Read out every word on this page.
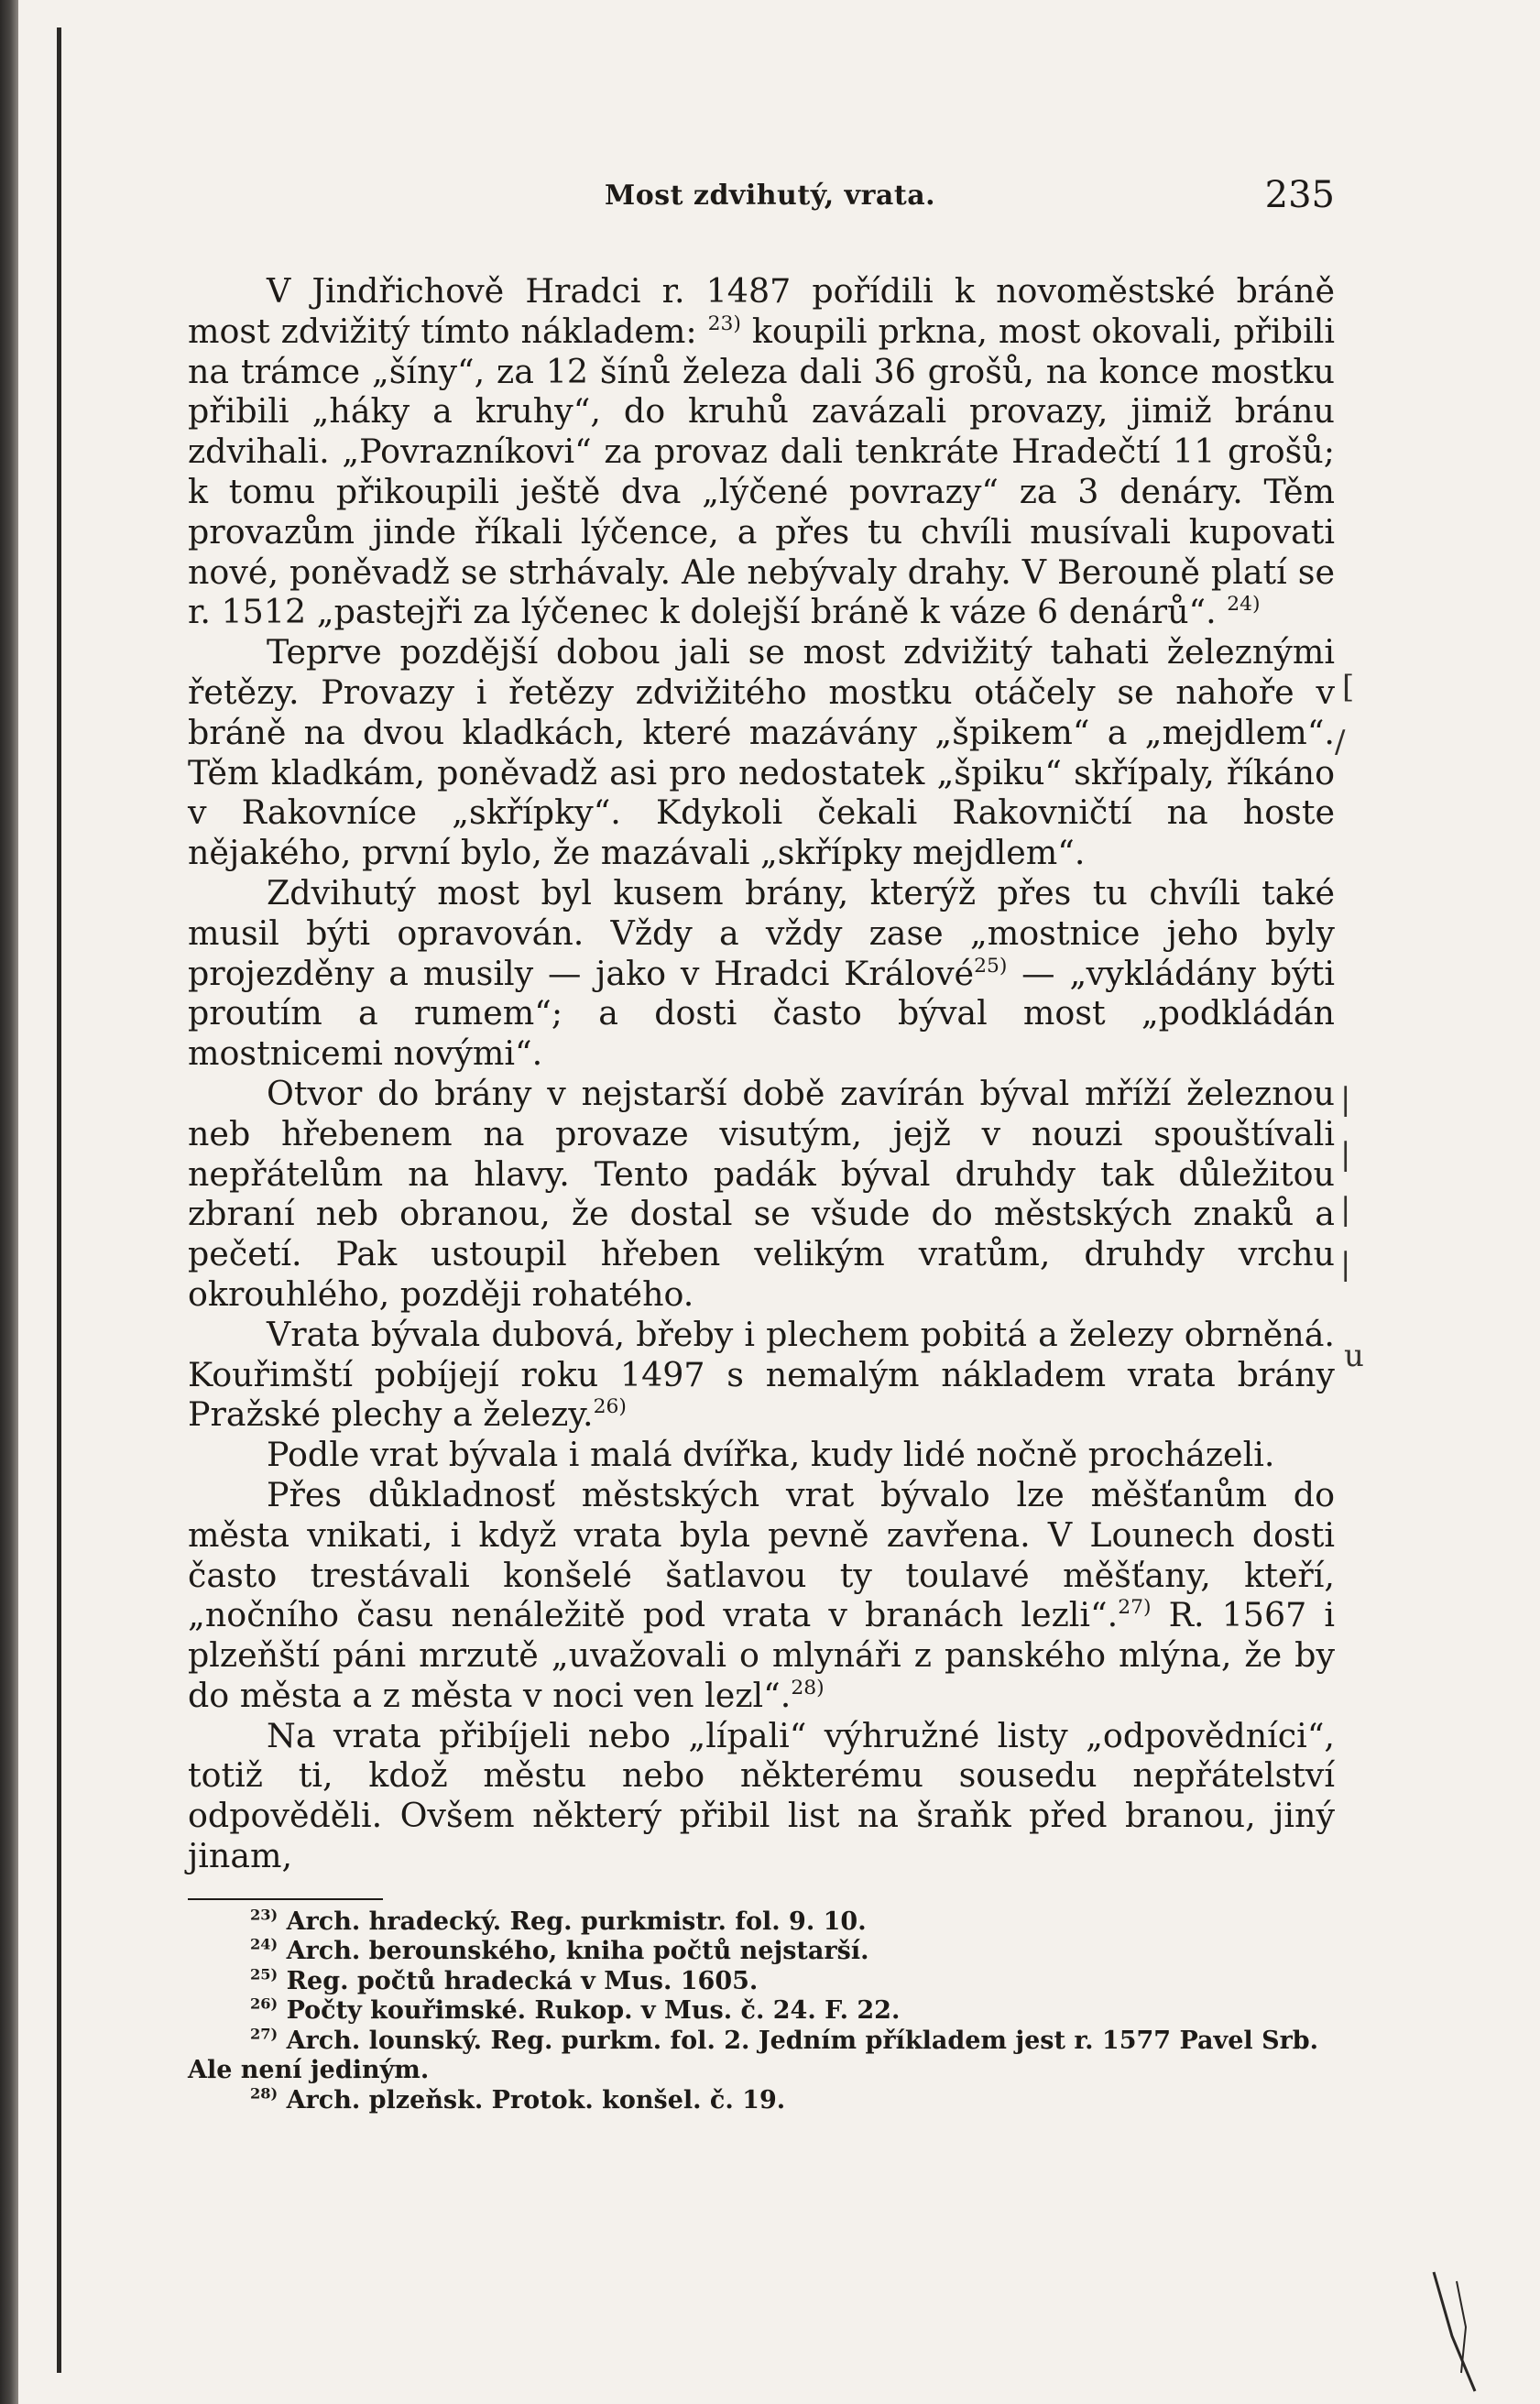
Most zdvihutý, vrata.	235

V Jindřichově Hradci r. 1487 pořídili k novoměstské bráně most zdvižitý tímto nákladem: $^{23)}$ koupili prkna, most okovali, přibili na trámce „šíny“, za 12 šínů železa dali 36 grošů, na konce mostku přibili „háky a kruhy“, do kruhů zavázali provazy, jimiž bránu zdvihali. „Povrazníkovi“ za provaz dali tenkráte Hradečtí 11 grošů; k tomu přikoupili ještě dva „lýčené povrazy“ za 3 denáry. Těm provazům jinde říkali lýčence, a přes tu chvíli musívali kupovati nové, poněvadž se strhávaly. Ale nebývaly drahy. V Berouně platí se r. 1512 „pastejři za lýčenec k dolejší bráně k váze 6 denárů“. $^{24)}$

Teprve pozdější dobou jali se most zdvižitý tahati železnými řetězy. Provazy i řetězy zdvižitého mostku otáčely se nahoře v bráně na dvou kladkách, které mazávány „špikem“ a „mejdlem“. Těm kladkám, poněvadž asi pro nedostatek „špiku“ skřípaly, říkáno v Rakovníce „skřípky“. Kdykoli čekali Rakovničtí na hoste nějakého, první bylo, že mazávali „skřípky mejdlem“.

Zdvihutý most byl kusem brány, kterýž přes tu chvíli také musil býti opravován. Vždy a vždy zase „mostnice jeho byly projezděny a musily — jako v Hradci Králové$^{25)}$ — „vykládány býti proutím a rumem“; a dosti často býval most „podkládán mostnicemi novými“.

Otvor do brány v nejstarší době zavírán býval mříží železnou neb hřebenem na provaze visutým, jejž v nouzi spouštívali nepřátelům na hlavy. Tento padák býval druhdy tak důležitou zbraní neb obranou, že dostal se všude do městských znaků a pečetí. Pak ustoupil hřeben velikým vratům, druhdy vrchu okrouhlého, později rohatého.

Vrata bývala dubová, břeby i plechem pobitá a železy obrněná. Kouřimští pobíjejí roku 1497 s nemalým nákladem vrata brány Pražské plechy a železy.$^{26)}$

Podle vrat bývala i malá dvířka, kudy lidé nočně procházeli.

Přes důkladnosť městských vrat bývalo lze měšťanům do města vnikati, i když vrata byla pevně zavřena. V Lounech dosti často trestávali konšelé šatlavou ty toulavé měšťany, kteří, „nočního času nenáležitě pod vrata v branách lezli“.$^{27)}$ R. 1567 i plzeňští páni mrzutě „uvažovali o mlynáři z panského mlýna, že by do města a z města v noci ven lezl“.$^{28)}$

Na vrata přibíjeli nebo „lípali“ výhružné listy „odpovědníci“, totiž ti, kdož městu nebo některému sousedu nepřátelství odpověděli. Ovšem některý přibil list na šraňk před branou, jiný jinam,

$^{23)}$ Arch. hradecký. Reg. purkmistr. fol. 9. 10.
$^{24)}$ Arch. berounského, kniha počtů nejstarší.
$^{25)}$ Reg. počtů hradecká v Mus. 1605.
$^{26)}$ Počty kouřimské. Rukop. v Mus. č. 24. F. 22.
$^{27)}$ Arch. lounský. Reg. purkm. fol. 2. Jedním příkladem jest r. 1577 Pavel Srb. Ale není jediným.
$^{28)}$ Arch. plzeňsk. Protok. konšel. č. 19.
[
/
|
|
|
|
u
